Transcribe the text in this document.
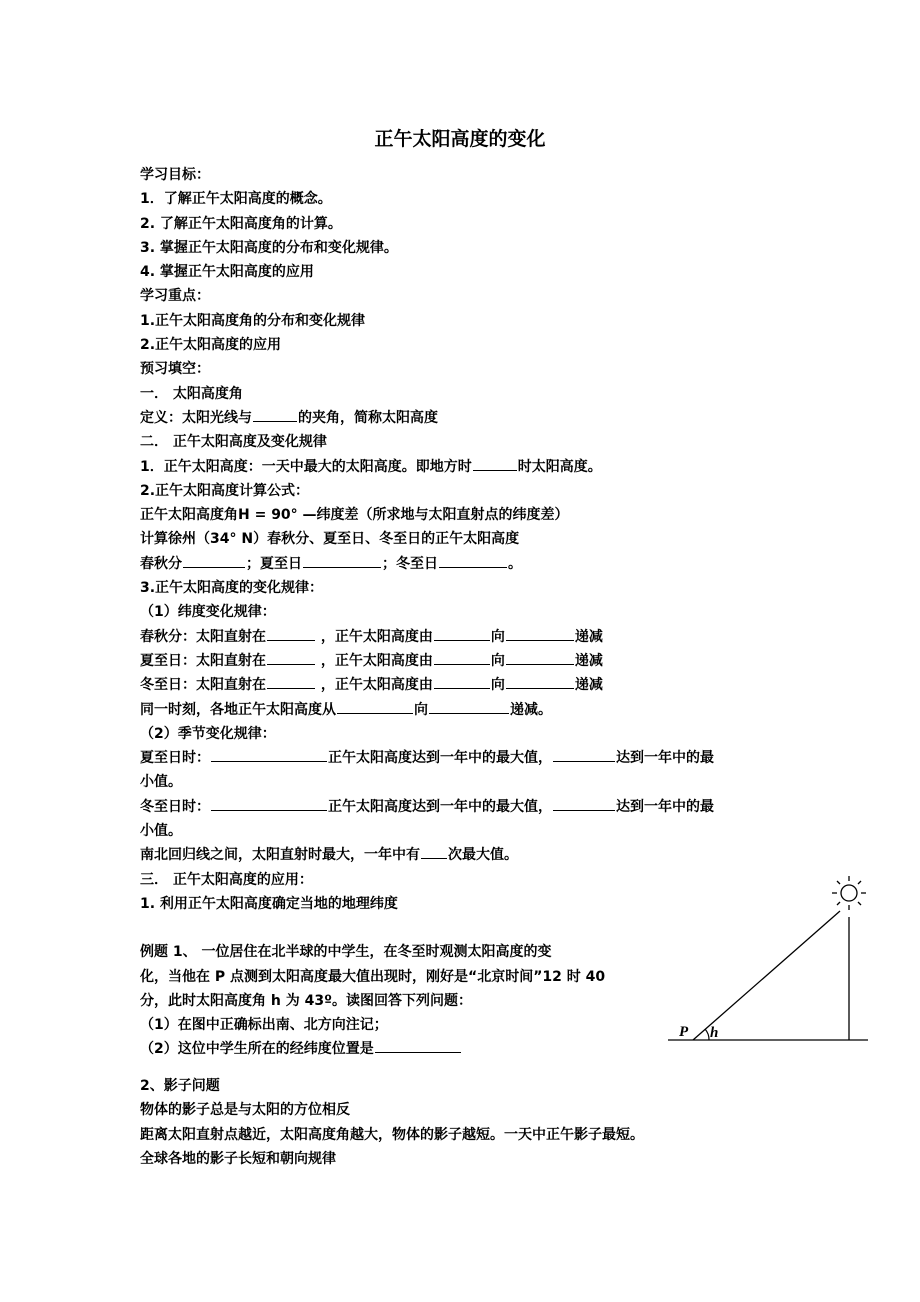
正午太阳高度的变化
学习目标：
1．了解正午太阳高度的概念。
2. 了解正午太阳高度角的计算。
3. 掌握正午太阳高度的分布和变化规律。
4. 掌握正午太阳高度的应用
学习重点：
1.正午太阳高度角的分布和变化规律
2.正午太阳高度的应用
预习填空：
一． 太阳高度角
定义：太阳光线与	的夹角，简称太阳高度
二． 正午太阳高度及变化规律
1．正午太阳高度：一天中最大的太阳高度。即地方时	时太阳高度。
2.正午太阳高度计算公式：
正午太阳高度角H = 90° —纬度差（所求地与太阳直射点的纬度差）
计算徐州（34° N）春秋分、夏至日、冬至日的正午太阳高度
春秋分	；夏至日	；冬至日	。
3.正午太阳高度的变化规律：
（1）纬度变化规律：
春秋分：太阳直射在	，正午太阳高度由	向	递减
夏至日：太阳直射在	，正午太阳高度由	向	递减
冬至日：太阳直射在	，正午太阳高度由	向	递减
同一时刻，各地正午太阳高度从	向	递减。
（2）季节变化规律：
夏至日时：	正午太阳高度达到一年中的最大值，	达到一年中的最
小值。
冬至日时：	正午太阳高度达到一年中的最大值，	达到一年中的最
小值。
南北回归线之间，太阳直射时最大，一年中有 次最大值。
三． 正午太阳高度的应用：
1. 利用正午太阳高度确定当地的地理纬度
例题 1、 一位居住在北半球的中学生，在冬至时观测太阳高度的变
化，当他在 P 点测到太阳高度最大值出现时，刚好是“北京时间”12 时 40
分，此时太阳高度角 h 为 43º。读图回答下列问题：
（1）在图中正确标出南、北方向注记；
（2）这位中学生所在的经纬度位置是
2、影子问题
物体的影子总是与太阳的方位相反
距离太阳直射点越近，太阳高度角越大，物体的影子越短。一天中正午影子最短。
全球各地的影子长短和朝向规律
P h
